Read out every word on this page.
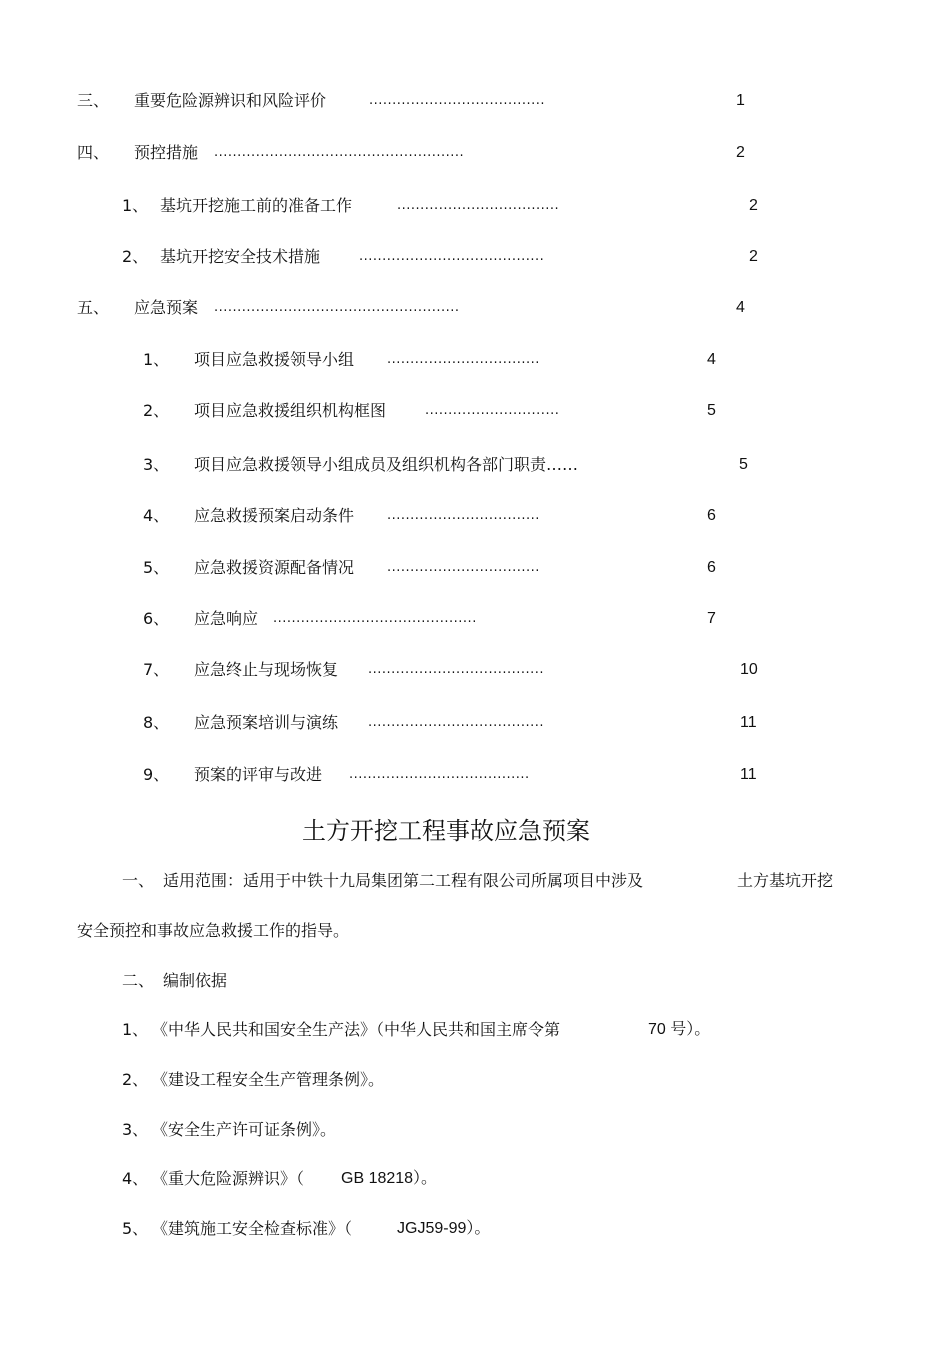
三、 重要危险源辨识和风险评价	......................................	1
四、 预控措施 ......................................................	2
1、 基坑开挖施工前的准备工作	...................................	2
2、 基坑开挖安全技术措施	........................................	2
五、 应急预案 .....................................................	4
1、 项目应急救援领导小组	.................................	4
2、 项目应急救援组织机构框图	.............................	5
3、 项目应急救援领导小组成员及组织机构各部门职责……	5
4、 应急救援预案启动条件	.................................	6
5、 应急救援资源配备情况	.................................	6
6、 应急响应 ............................................	7
7、 应急终止与现场恢复 ......................................	10
8、 应急预案培训与演练 ......................................	11
9、 预案的评审与改进 .......................................	11
土方开挖工程事故应急预案
一、 适用范围：适用于中铁十九局集团第二工程有限公司所属项目中涉及	土方基坑开挖
安全预控和事故应急救援工作的指导。
二、 编制依据
1、 《中华人民共和国安全生产法》（中华人民共和国主席令第	70 号）。
2、 《建设工程安全生产管理条例》。
3、 《安全生产许可证条例》。
4、 《重大危险源辨识》（ GB 18218）。
5、 《建筑施工安全检查标准》（	JGJ59-99）。
